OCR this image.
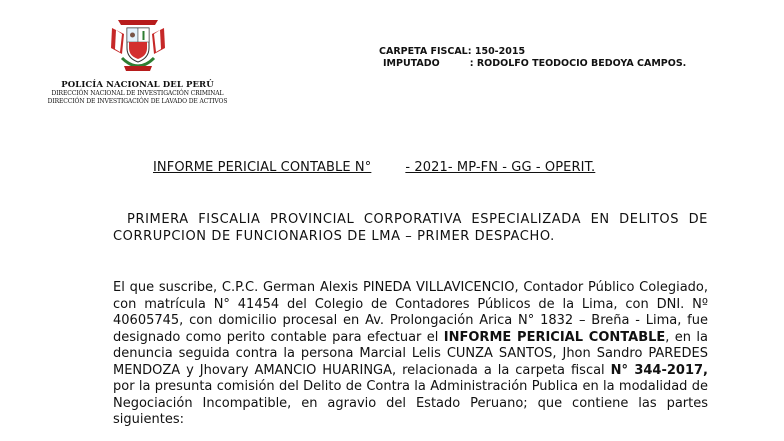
POLICÍA NACIONAL DEL PERÚ
DIRECCIÓN NACIONAL DE INVESTIGACIÓN CRIMINAL
DIRECCIÓN DE INVESTIGACIÓN DE LAVADO DE ACTIVOS
CARPETA FISCAL: 150-2015
IMPUTADO	: RODOLFO TEODOCIO BEDOYA CAMPOS.
INFORME PERICIAL CONTABLE N°	- 2021- MP-FN - GG - OPERIT.
PRIMERA FISCALIA PROVINCIAL CORPORATIVA ESPECIALIZADA EN DELITOS DE CORRUPCION DE FUNCIONARIOS DE LMA – PRIMER DESPACHO.
El que suscribe, C.P.C. German Alexis PINEDA VILLAVICENCIO, Contador Público Colegiado, con matrícula N° 41454 del Colegio de Contadores Públicos de la Lima, con DNI. Nº 40605745, con domicilio procesal en Av. Prolongación Arica N° 1832 – Breña - Lima, fue designado como perito contable para efectuar el INFORME PERICIAL CONTABLE, en la denuncia seguida contra la persona Marcial Lelis CUNZA SANTOS, Jhon Sandro PAREDES MENDOZA y Jhovary AMANCIO HUARINGA, relacionada a la carpeta fiscal N° 344-2017, por la presunta comisión del Delito de Contra la Administración Publica en la modalidad de Negociación Incompatible, en agravio del Estado Peruano; que contiene las partes siguientes:
